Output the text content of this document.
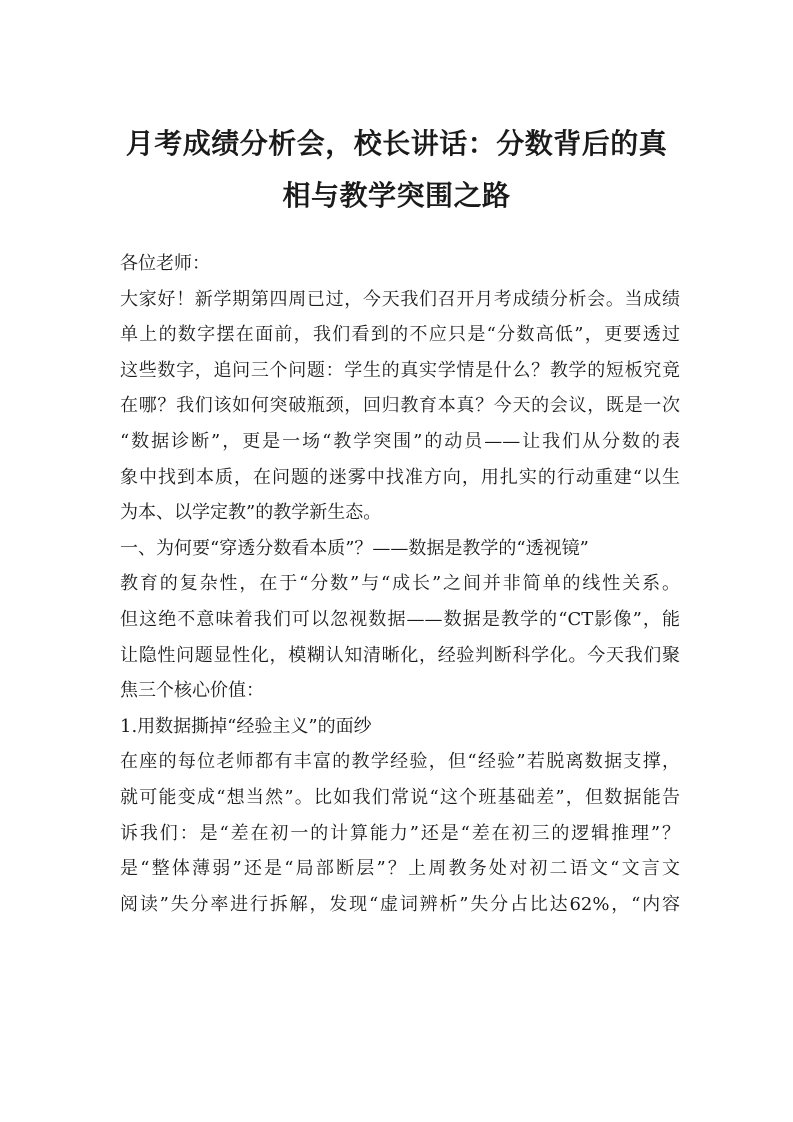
月考成绩分析会，校长讲话：分数背后的真
相与教学突围之路
各位老师：
大家好！新学期第四周已过，今天我们召开月考成绩分析会。当成绩
单上的数字摆在面前，我们看到的不应只是“分数高低”，更要透过
这些数字，追问三个问题：学生的真实学情是什么？教学的短板究竟
在哪？我们该如何突破瓶颈，回归教育本真？今天的会议，既是一次
“数据诊断”，更是一场“教学突围”的动员——让我们从分数的表
象中找到本质，在问题的迷雾中找准方向，用扎实的行动重建“以生
为本、以学定教”的教学新生态。
一、为何要“穿透分数看本质”？——数据是教学的“透视镜”
教育的复杂性，在于“分数”与“成长”之间并非简单的线性关系。
但这绝不意味着我们可以忽视数据——数据是教学的“CT影像”，能
让隐性问题显性化，模糊认知清晰化，经验判断科学化。今天我们聚
焦三个核心价值：
1.用数据撕掉“经验主义”的面纱
在座的每位老师都有丰富的教学经验，但“经验”若脱离数据支撑，
就可能变成“想当然”。比如我们常说“这个班基础差”，但数据能告
诉我们：是“差在初一的计算能力”还是“差在初三的逻辑推理”？
是“整体薄弱”还是“局部断层”？上周教务处对初二语文“文言文
阅读”失分率进行拆解，发现“虚词辨析”失分占比达62%，“内容
